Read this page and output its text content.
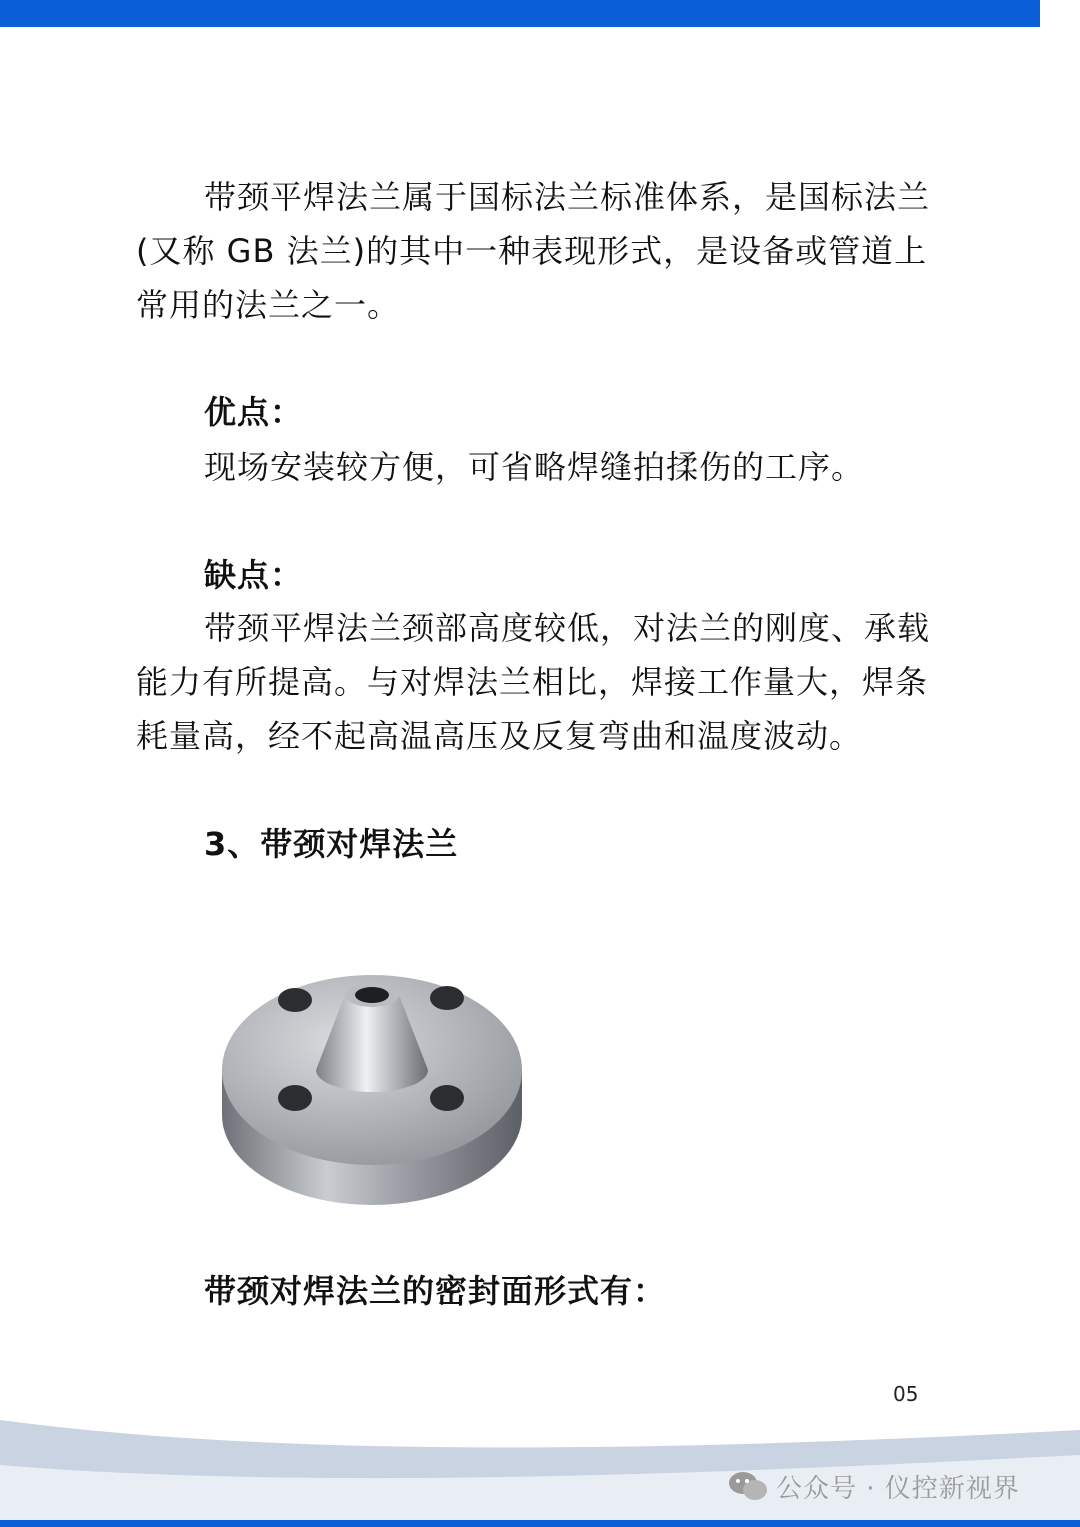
带颈平焊法兰属于国标法兰标准体系，是国标法兰(又称 GB 法兰)的其中一种表现形式，是设备或管道上常用的法兰之一。

优点：
现场安装较方便，可省略焊缝拍揉伤的工序。
缺点：

带颈平焊法兰颈部高度较低，对法兰的刚度、承载能力有所提高。与对焊法兰相比，焊接工作量大，焊条耗量高，经不起高温高压及反复弯曲和温度波动。

3、带颈对焊法兰
带颈对焊法兰的密封面形式有：
05
公众号 · 仪控新视界
